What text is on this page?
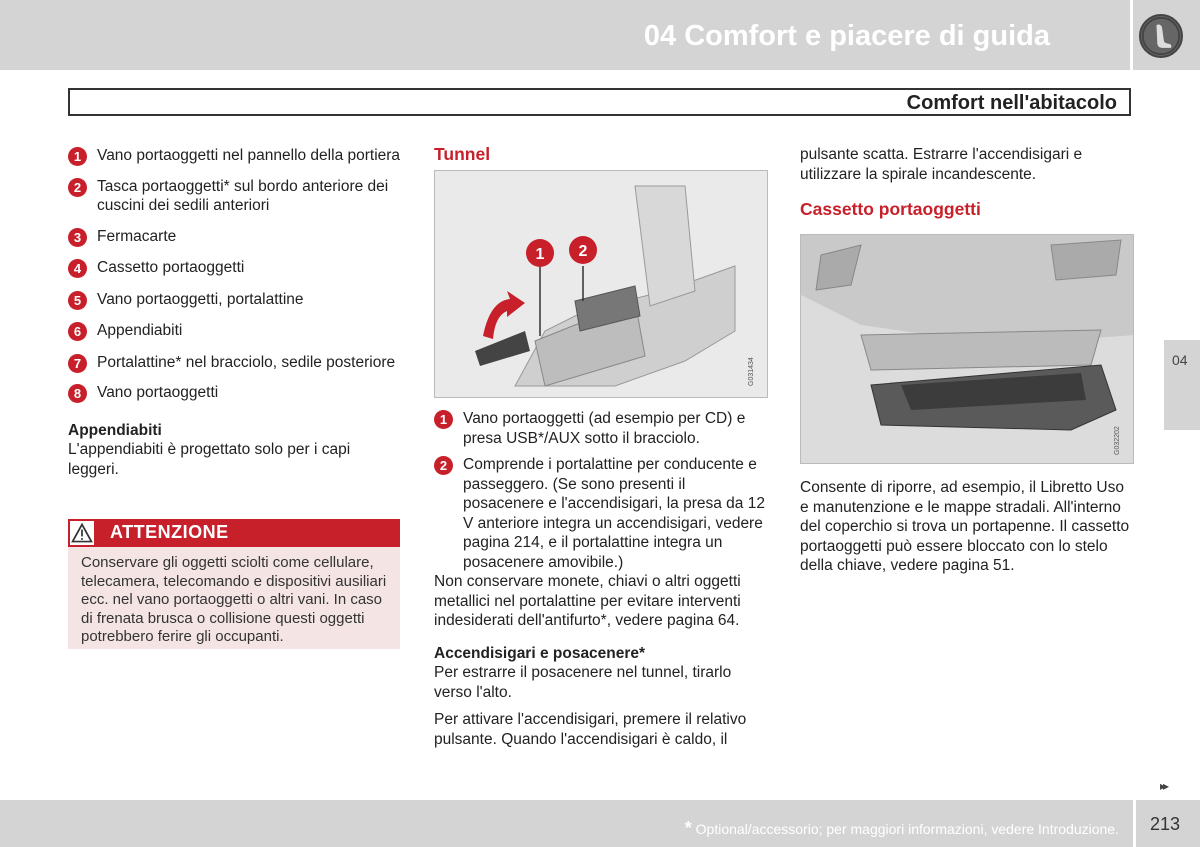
04 Comfort e piacere di guida
Comfort nell'abitacolo
1	Vano portaoggetti nel pannello della portiera
2	Tasca portaoggetti* sul bordo anteriore dei cuscini dei sedili anteriori
3	Fermacarte
4	Cassetto portaoggetti
5	Vano portaoggetti, portalattine
6	Appendiabiti
7	Portalattine* nel bracciolo, sedile posteriore
8	Vano portaoggetti
Appendiabiti
L'appendiabiti è progettato solo per i capi leggeri.
ATTENZIONE
Conservare gli oggetti sciolti come cellulare, telecamera, telecomando e dispositivi ausiliari ecc. nel vano portaoggetti o altri vani. In caso di frenata brusca o collisione questi oggetti potrebbero ferire gli occupanti.
Tunnel
1 2
G031434
1	Vano portaoggetti (ad esempio per CD) e presa USB*/AUX sotto il bracciolo.
2	Comprende i portalattine per conducente e passeggero. (Se sono presenti il posacenere e l'accendisigari, la presa da 12 V anteriore integra un accendisigari, vedere pagina 214, e il portalattine integra un posacenere amovibile.)
Non conservare monete, chiavi o altri oggetti metallici nel portalattine per evitare interventi indesiderati dell'antifurto*, vedere pagina 64.
Accendisigari e posacenere*
Per estrarre il posacenere nel tunnel, tirarlo verso l'alto.
Per attivare l'accendisigari, premere il relativo pulsante. Quando l'accendisigari è caldo, il
pulsante scatta. Estrarre l'accendisigari e utilizzare la spirale incandescente.
Cassetto portaoggetti
G032202
Consente di riporre, ad esempio, il Libretto Uso e manutenzione e le mappe stradali. All'interno del coperchio si trova un portapenne. Il cassetto portaoggetti può essere bloccato con lo stelo della chiave, vedere pagina 51.
04
▸▸
* Optional/accessorio; per maggiori informazioni, vedere Introduzione. 213
